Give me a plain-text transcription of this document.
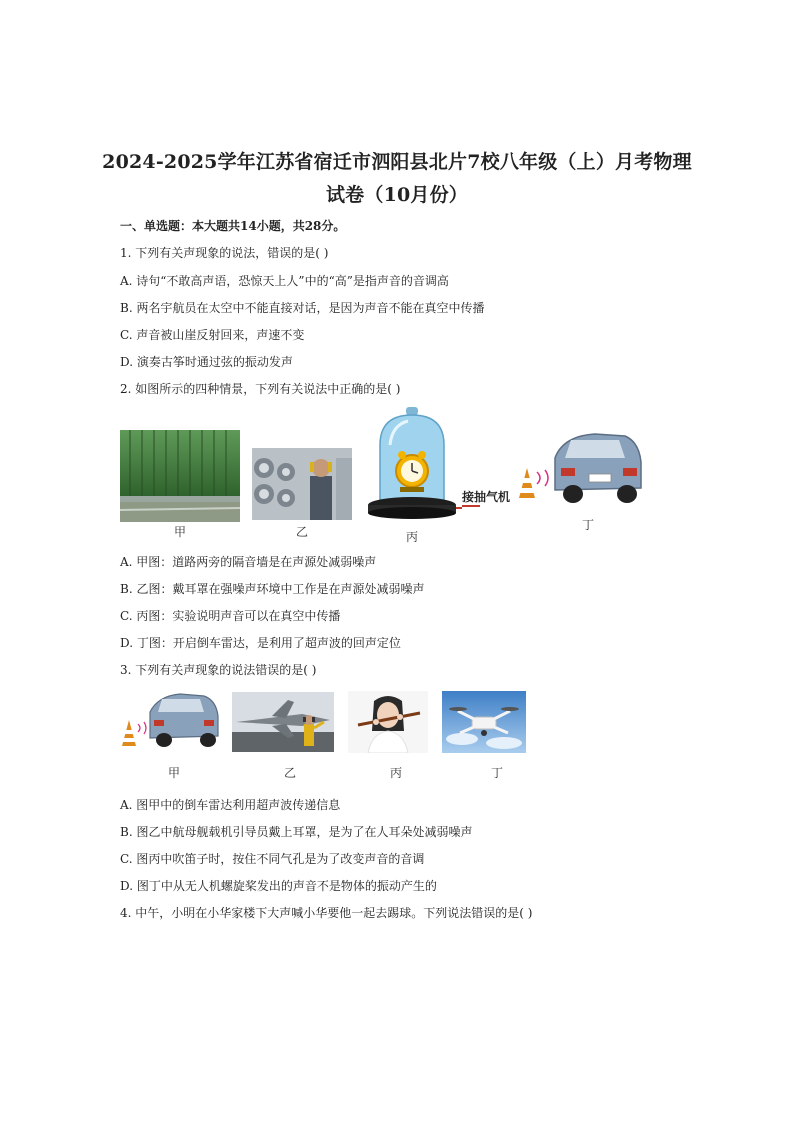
2024-2025学年江苏省宿迁市泗阳县北片7校八年级（上）月考物理
试卷（10月份）
一、单选题：本大题共14小题，共28分。
1. 下列有关声现象的说法，错误的是( )
A. 诗句“不敢高声语，恐惊天上人”中的“高”是指声音的音调高
B. 两名宇航员在太空中不能直接对话，是因为声音不能在真空中传播
C. 声音被山崖反射回来，声速不变
D. 演奏古筝时通过弦的振动发声
2. 如图所示的四种情景，下列有关说法中正确的是( )
接抽气机
甲	乙	丙
丁
A. 甲图：道路两旁的隔音墙是在声源处减弱噪声
B. 乙图：戴耳罩在强噪声环境中工作是在声源处减弱噪声
C. 丙图：实验说明声音可以在真空中传播
D. 丁图：开启倒车雷达，是利用了超声波的回声定位
3. 下列有关声现象的说法错误的是( )
甲	乙	丙	丁
A. 图甲中的倒车雷达利用超声波传递信息
B. 图乙中航母舰载机引导员戴上耳罩，是为了在人耳朵处减弱噪声
C. 图丙中吹笛子时，按住不同气孔是为了改变声音的音调
D. 图丁中从无人机螺旋桨发出的声音不是物体的振动产生的
4. 中午，小明在小华家楼下大声喊小华要他一起去踢球。下列说法错误的是( )
